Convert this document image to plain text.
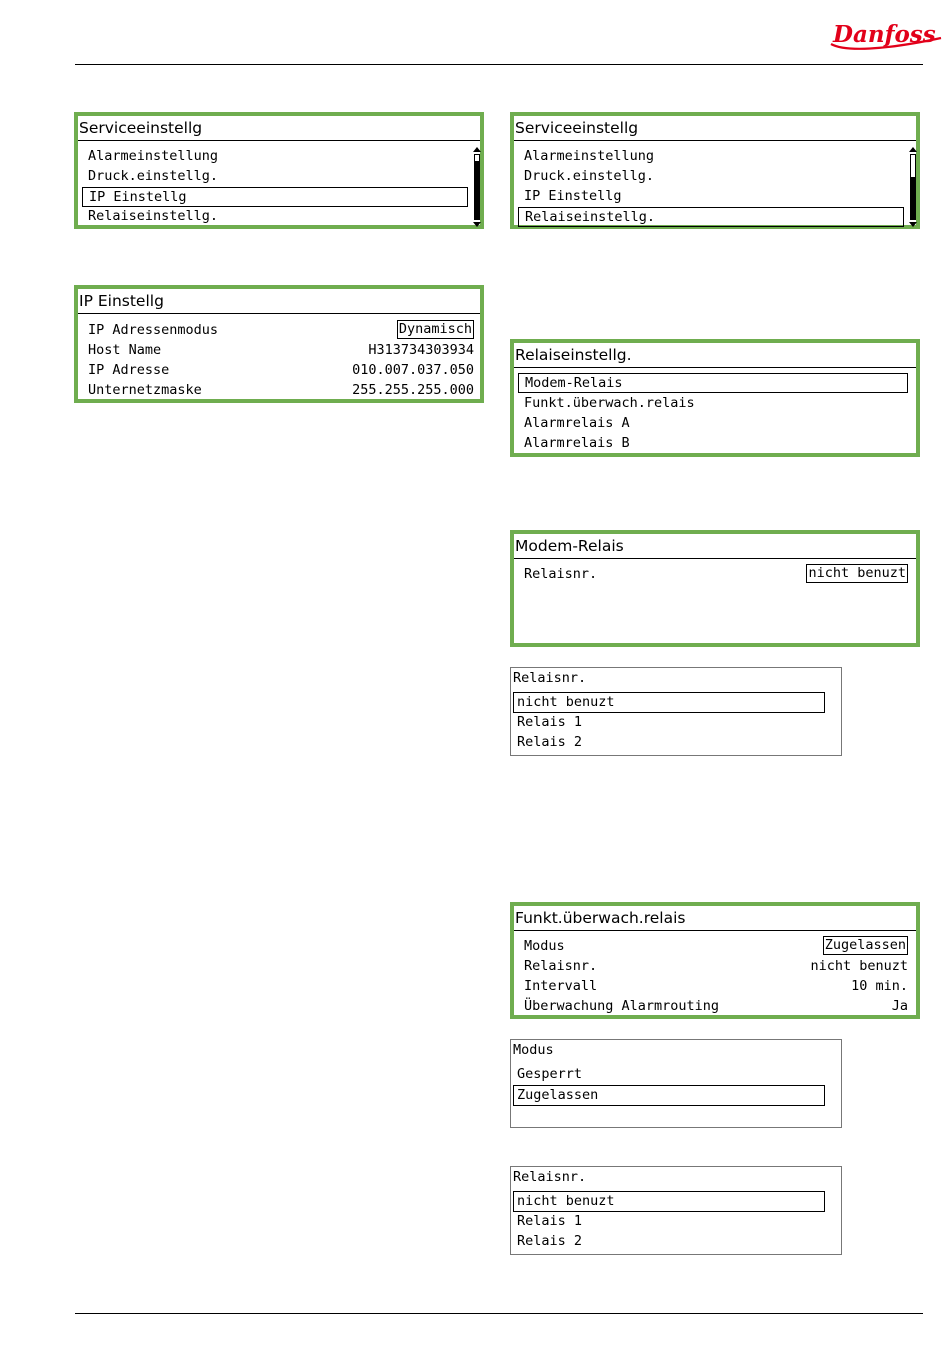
Danfoss
Serviceeinstellg
Alarmeinstellung
Druck.einstellg.
IP Einstellg
Relaiseinstellg.
Serviceeinstellg
Alarmeinstellung
Druck.einstellg.
IP Einstellg
Relaiseinstellg.
IP Einstellg
IP Adressenmodus	Dynamisch
Host Name	H313734303934
IP Adresse	010.007.037.050
Unternetzmaske	255.255.255.000
Relaiseinstellg.
Modem-Relais
Funkt.überwach.relais
Alarmrelais A
Alarmrelais B
Modem-Relais
Relaisnr.	nicht benuzt
Relaisnr.
nicht benuzt
Relais 1
Relais 2
Funkt.überwach.relais
Modus	Zugelassen
Relaisnr.	nicht benuzt
Intervall	10 min.
Überwachung Alarmrouting	Ja
Modus
Gesperrt
Zugelassen
Relaisnr.
nicht benuzt
Relais 1
Relais 2
